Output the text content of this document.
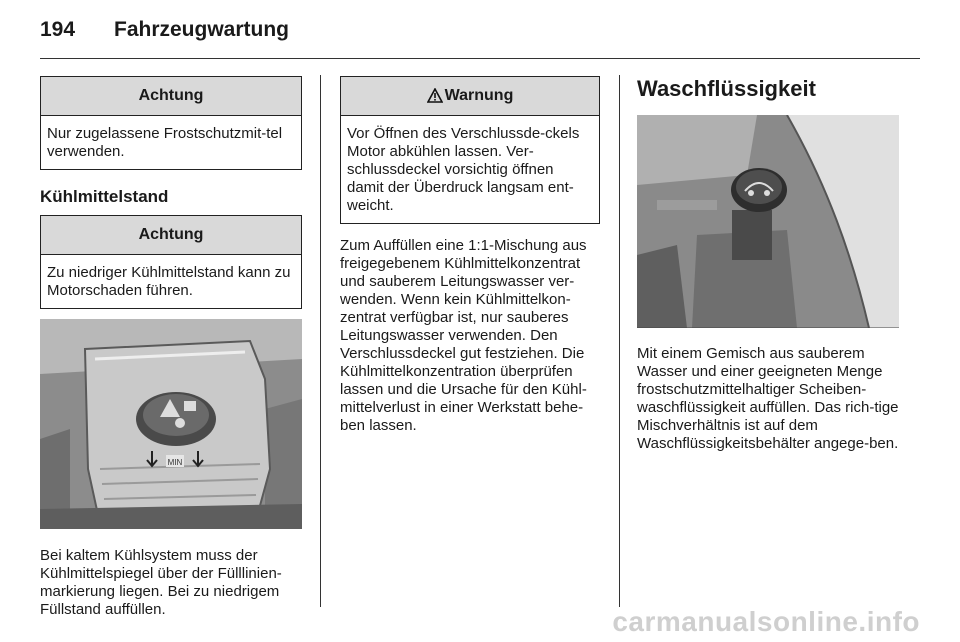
194 Fahrzeugwartung
Achtung
Nur zugelassene Frostschutzmit-tel verwenden.
Kühlmittelstand
Achtung
Zu niedriger Kühlmittelstand kann zu Motorschaden führen.
MIN
Bei kaltem Kühlsystem muss der Kühlmittelspiegel über der Fülllinien-markierung liegen. Bei zu niedrigem Füllstand auffüllen.
Warnung
Vor Öffnen des Verschlussde-ckels Motor abkühlen lassen. Ver-schlussdeckel vorsichtig öffnen damit der Überdruck langsam ent-weicht.
Zum Auffüllen eine 1:1-Mischung aus freigegebenem Kühlmittelkonzentrat und sauberem Leitungswasser ver-wenden. Wenn kein Kühlmittelkon-zentrat verfügbar ist, nur sauberes Leitungswasser verwenden. Den Verschlussdeckel gut festziehen. Die Kühlmittelkonzentration überprüfen lassen und die Ursache für den Kühl-mittelverlust in einer Werkstatt behe-ben lassen.
Waschflüssigkeit
Mit einem Gemisch aus sauberem Wasser und einer geeigneten Menge frostschutzmittelhaltiger Scheiben-waschflüssigkeit auffüllen. Das rich-tige Mischverhältnis ist auf dem Waschflüssigkeitsbehälter angege-ben.
carmanualsonline.info
